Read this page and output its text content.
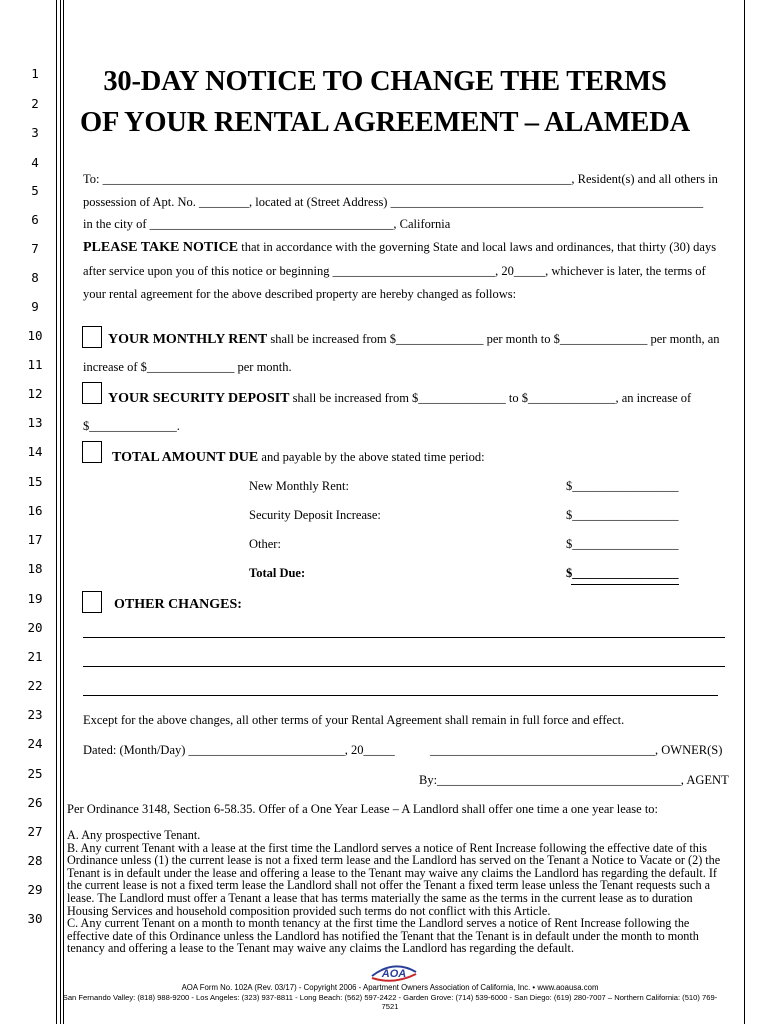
1
2
3
4
5
6
7
8
9
10
11
12
13
14
15
16
17
18
19
20
21
22
23
24
25
26
27
28
29
30
30-DAY NOTICE TO CHANGE THE TERMS
OF YOUR RENTAL AGREEMENT – ALAMEDA
To: ___________________________________________________________________________, Resident(s) and all others in
possession of Apt. No. ________, located at (Street Address) __________________________________________________
in the city of _______________________________________, California
PLEASE TAKE NOTICE that in accordance with the governing State and local laws and ordinances, that thirty (30) days
after service upon you of this notice or beginning __________________________, 20_____, whichever is later, the terms of
your rental agreement for the above described property are hereby changed as follows:
YOUR MONTHLY RENT shall be increased from $______________ per month to $______________ per month, an
increase of $______________ per month.
YOUR SECURITY DEPOSIT shall be increased from $______________ to $______________, an increase of
$______________.
TOTAL AMOUNT DUE and payable by the above stated time period:
New Monthly Rent:	$_________________
Security Deposit Increase:	$_________________
Other:	$_________________
Total Due:	$_________________
OTHER CHANGES:
Except for the above changes, all other terms of your Rental Agreement shall remain in full force and effect.
Dated: (Month/Day) _________________________, 20_____	____________________________________, OWNER(S)
By:_______________________________________, AGENT
Per Ordinance 3148, Section 6-58.35. Offer of a One Year Lease – A Landlord shall offer one time a one year lease to:
A. Any prospective Tenant.
B. Any current Tenant with a lease at the first time the Landlord serves a notice of Rent Increase following the effective date of this Ordinance unless (1) the current lease is not a fixed term lease and the Landlord has served on the Tenant a Notice to Vacate or (2) the Tenant is in default under the lease and offering a lease to the Tenant may waive any claims the Landlord has regarding the default. If the current lease is not a fixed term lease the Landlord shall not offer the Tenant a fixed term lease unless the Tenant requests such a lease. The Landlord must offer a Tenant a lease that has terms materially the same as the terms in the current lease as to duration Housing Services and household composition provided such terms do not conflict with this Article.
C. Any current Tenant on a month to month tenancy at the first time the Landlord serves a notice of Rent Increase following the effective date of this Ordinance unless the Landlord has notified the Tenant that the Tenant is in default under the month to month tenancy and offering a lease to the Tenant may waive any claims the Landlord has regarding the default.
AOA
AOA Form No. 102A (Rev. 03/17) - Copyright 2006 - Apartment Owners Association of California, Inc. • www.aoausa.com
San Fernando Valley: (818) 988-9200 - Los Angeles: (323) 937-8811 - Long Beach: (562) 597-2422 - Garden Grove: (714) 539-6000 - San Diego: (619) 280-7007 – Northern California: (510) 769-7521
